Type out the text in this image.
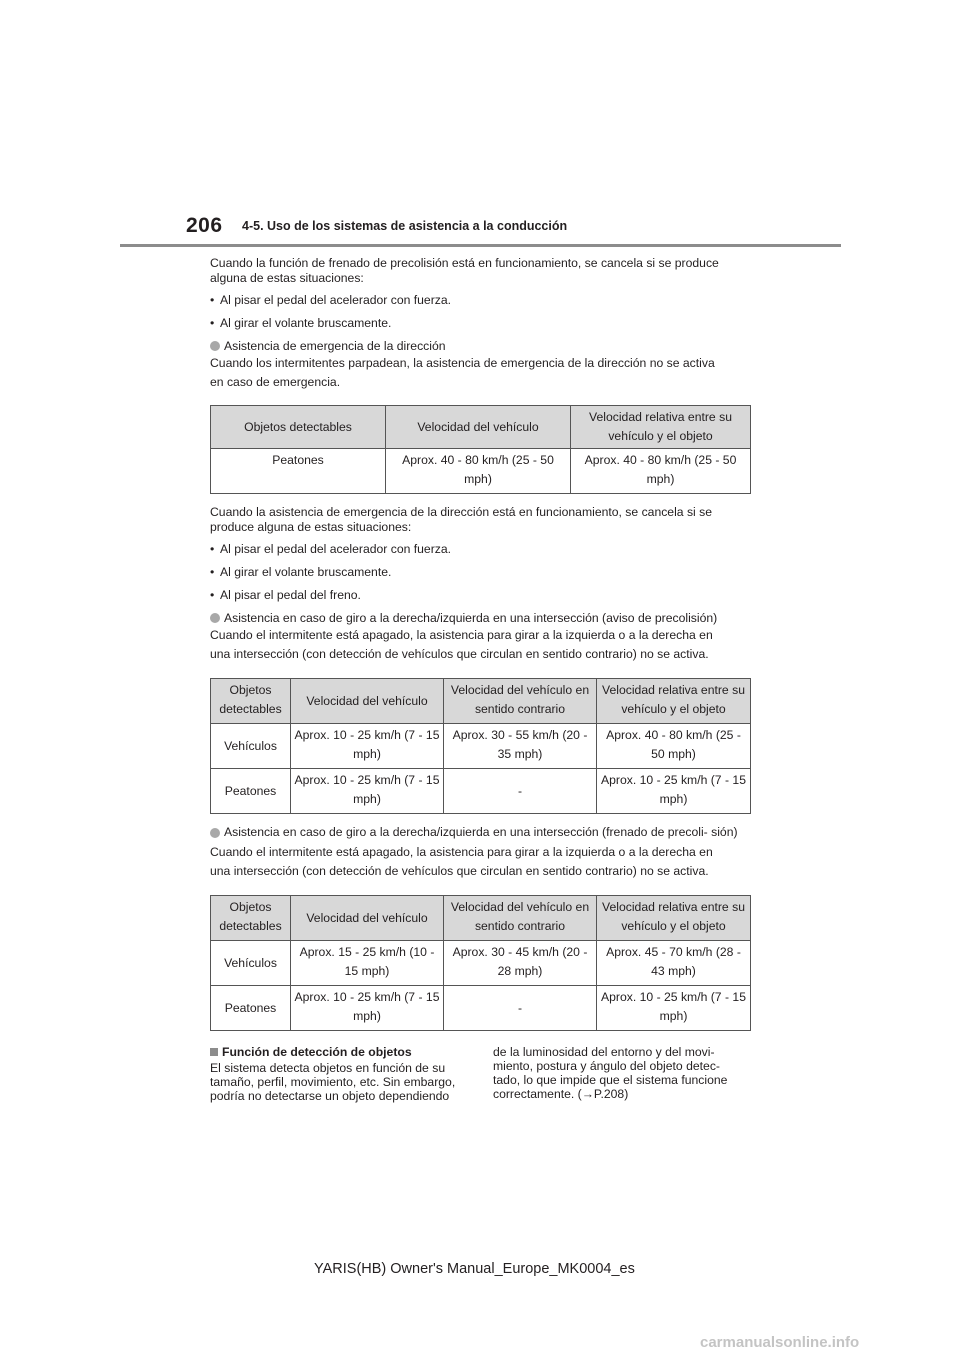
206 4-5. Uso de los sistemas de asistencia a la conducción

Cuando la función de frenado de precolisión está en funcionamiento, se cancela si se produce alguna de estas situaciones:

• Al pisar el pedal del acelerador con fuerza.

• Al girar el volante bruscamente.

Asistencia de emergencia de la dirección

Cuando los intermitentes parpadean, la asistencia de emergencia de la dirección no se activa
en caso de emergencia.
Objetos detectables	Velocidad del vehículo	Velocidad relativa entre su vehículo y el objeto
Peatones	Aprox. 40 - 80 km/h (25 - 50 mph)	Aprox. 40 - 80 km/h (25 - 50 mph)

Cuando la asistencia de emergencia de la dirección está en funcionamiento, se cancela si se produce alguna de estas situaciones:

• Al pisar el pedal del acelerador con fuerza.

• Al girar el volante bruscamente.

• Al pisar el pedal del freno.

Asistencia en caso de giro a la derecha/izquierda en una intersección (aviso de precolisión)

Cuando el intermitente está apagado, la asistencia para girar a la izquierda o a la derecha en
una intersección (con detección de vehículos que circulan en sentido contrario) no se activa.
Objetos detectables	Velocidad del vehículo	Velocidad del vehículo en sentido contrario	Velocidad relativa entre su vehículo y el objeto
Vehículos	Aprox. 10 - 25 km/h (7 - 15 mph)	Aprox. 30 - 55 km/h (20 - 35 mph)	Aprox. 40 - 80 km/h (25 - 50 mph)
Peatones	Aprox. 10 - 25 km/h (7 - 15 mph)	-	Aprox. 10 - 25 km/h (7 - 15 mph)

Asistencia en caso de giro a la derecha/izquierda en una intersección (frenado de precoli- sión)

Cuando el intermitente está apagado, la asistencia para girar a la izquierda o a la derecha en
una intersección (con detección de vehículos que circulan en sentido contrario) no se activa.
Objetos detectables	Velocidad del vehículo	Velocidad del vehículo en sentido contrario	Velocidad relativa entre su vehículo y el objeto
Vehículos	Aprox. 15 - 25 km/h (10 - 15 mph)	Aprox. 30 - 45 km/h (20 - 28 mph)	Aprox. 45 - 70 km/h (28 - 43 mph)
Peatones	Aprox. 10 - 25 km/h (7 - 15 mph)	-	Aprox. 10 - 25 km/h (7 - 15 mph)
Función de detección de objetos
El sistema detecta objetos en función de su tamaño, perfil, movimiento, etc. Sin embargo, podría no detectarse un objeto dependiendo
de la luminosidad del entorno y del movi- miento, postura y ángulo del objeto detec- tado, lo que impide que el sistema funcione correctamente. (→P.208)
YARIS(HB) Owner's Manual_Europe_MK0004_es
carmanualsonline.info
